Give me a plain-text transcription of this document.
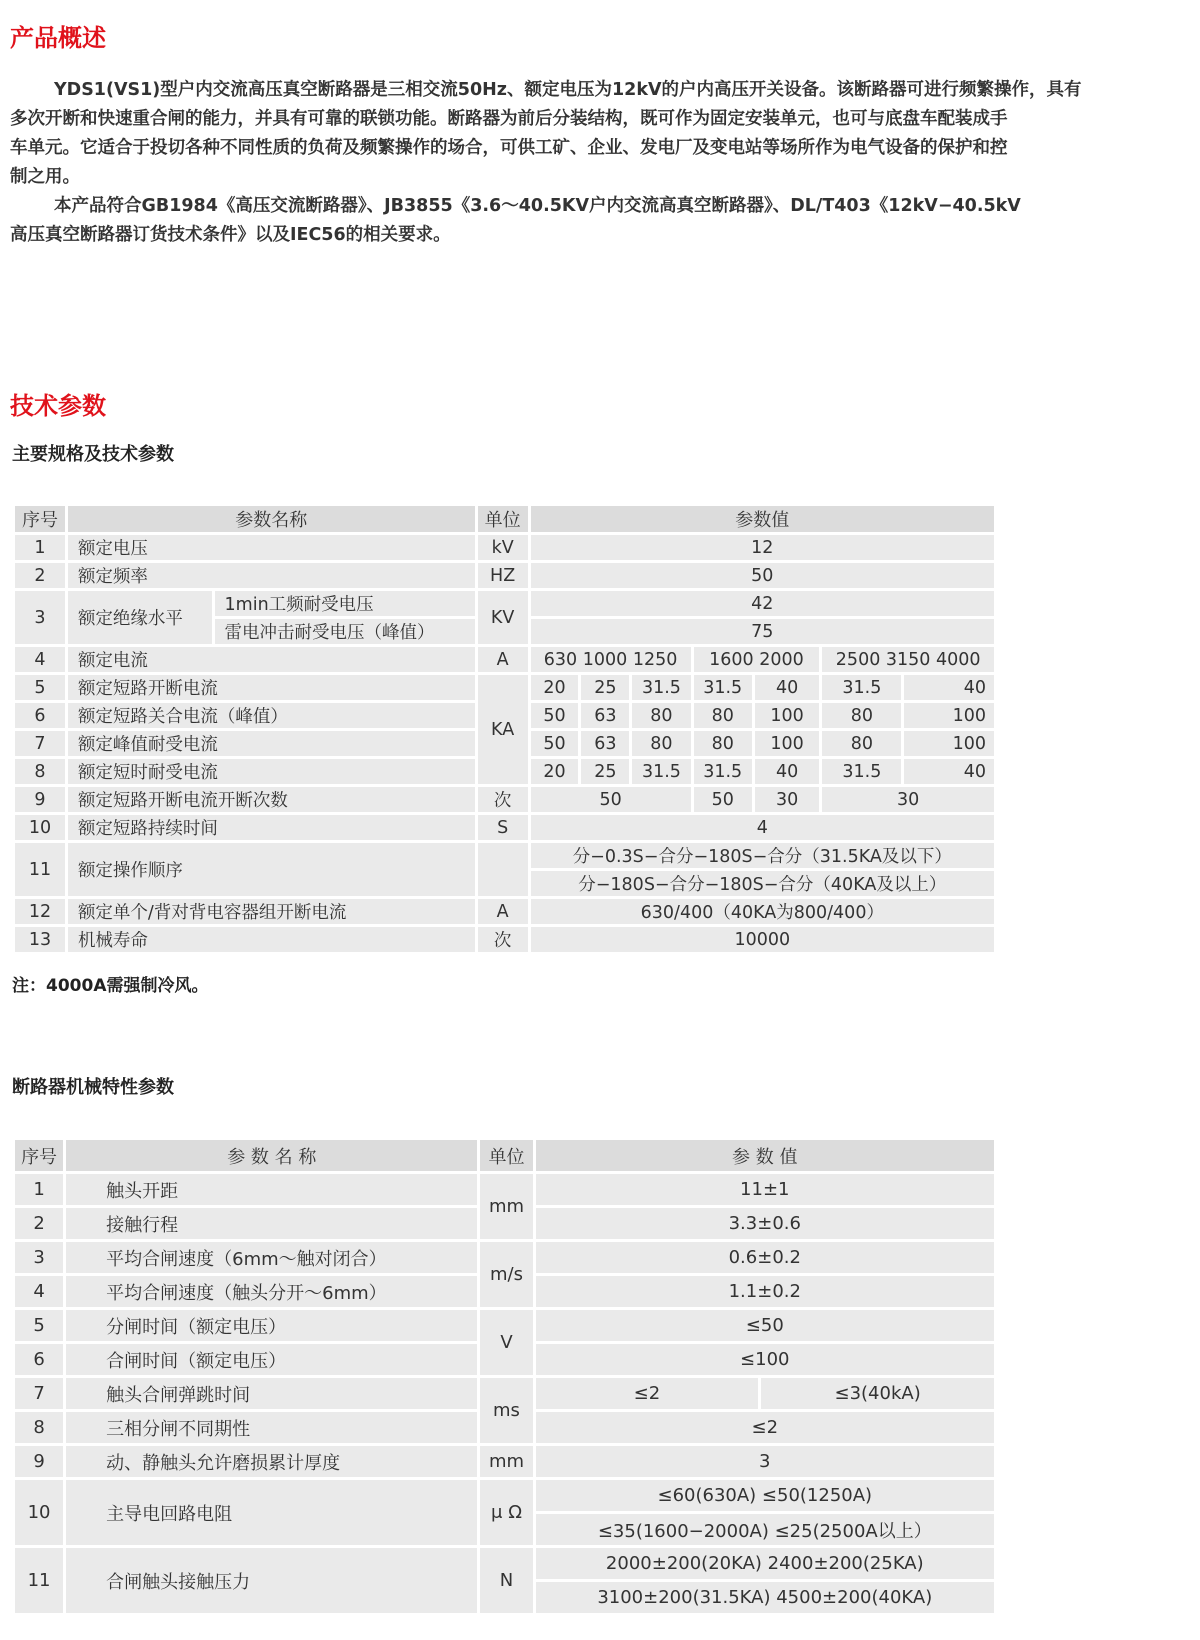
产品概述
YDS1(VS1)型户内交流高压真空断路器是三相交流50Hz、额定电压为12kV的户内高压开关设备。该断路器可进行频繁操作，具有
多次开断和快速重合闸的能力，并具有可靠的联锁功能。断路器为前后分装结构，既可作为固定安装单元，也可与底盘车配装成手
车单元。它适合于投切各种不同性质的负荷及频繁操作的场合，可供工矿、企业、发电厂及变电站等场所作为电气设备的保护和控
制之用。
本产品符合GB1984《高压交流断路器》、JB3855《3.6～40.5KV户内交流高真空断路器》、DL/T403《12kV−40.5kV
高压真空断路器订货技术条件》以及IEC56的相关要求。
技术参数
主要规格及技术参数
序号	参数名称		单位	参数值						
1	额定电压		kV	12						
2	额定频率		HZ	50						
3	额定绝缘水平	1min工频耐受电压	KV	42						
		雷电冲击耐受电压（峰值）		75						
4	额定电流		A	630 1000 1250			1600 2000		2500 3150 4000	
5	额定短路开断电流		KA	20	25	31.5	31.5	40	31.5	40
6	额定短路关合电流（峰值）			50	63	80	80	100	80	100
7	额定峰值耐受电流			50	63	80	80	100	80	100
8	额定短时耐受电流			20	25	31.5	31.5	40	31.5	40
9	额定短路开断电流开断次数		次	50			50	30	30	
10	额定短路持续时间		S	4						
11	额定操作顺序			分−0.3S−合分−180S−合分（31.5KA及以下）						
				分−180S−合分−180S−合分（40KA及以上）						
12	额定单个/背对背电容器组开断电流		A	630/400（40KA为800/400）						
13	机械寿命		次	10000						
注：4000A需强制冷风。
断路器机械特性参数
序号	参 数 名 称	单位	参 数 值	
1	触头开距	mm	11±1	
2	接触行程		3.3±0.6	
3	平均合闸速度（6mm～触对闭合）	m/s	0.6±0.2	
4	平均合闸速度（触头分开～6mm）		1.1±0.2	
5	分闸时间（额定电压）	V	≤50	
6	合闸时间（额定电压）		≤100	
7	触头合闸弹跳时间	ms	≤2	≤3(40kA)
8	三相分闸不同期性		≤2	
9	动、静触头允许磨损累计厚度	mm	3	
10	主导电回路电阻	μ Ω	≤60(630A) ≤50(1250A)	
			≤35(1600−2000A) ≤25(2500A以上）	
11	合闸触头接触压力	N	2000±200(20KA) 2400±200(25KA)	
			3100±200(31.5KA) 4500±200(40KA)	
